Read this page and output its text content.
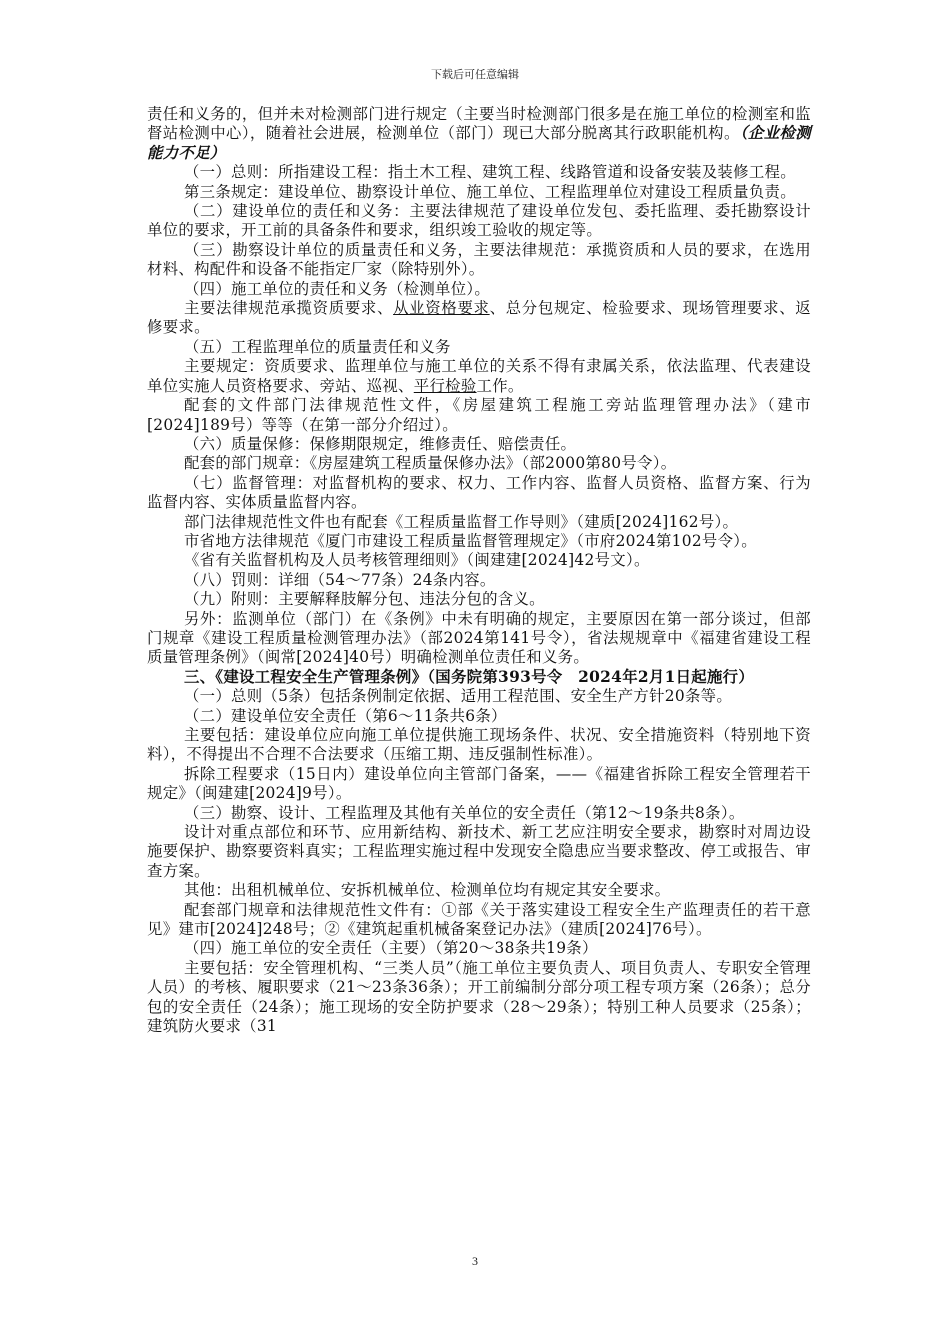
下载后可任意编辑

责任和义务的，但并未对检测部门进行规定（主要当时检测部门很多是在施工单位的检测室和监督站检测中心），随着社会进展，检测单位（部门）现已大部分脱离其行政职能机构。（企业检测能力不足）

（一）总则：所指建设工程：指土木工程、建筑工程、线路管道和设备安装及装修工程。

第三条规定：建设单位、勘察设计单位、施工单位、工程监理单位对建设工程质量负责。

（二）建设单位的责任和义务：主要法律规范了建设单位发包、委托监理、委托勘察设计单位的要求，开工前的具备条件和要求，组织竣工验收的规定等。

（三）勘察设计单位的质量责任和义务，主要法律规范：承揽资质和人员的要求，在选用材料、构配件和设备不能指定厂家（除特别外）。

（四）施工单位的责任和义务（检测单位）。

主要法律规范承揽资质要求、从业资格要求、总分包规定、检验要求、现场管理要求、返修要求。

（五）工程监理单位的质量责任和义务

主要规定：资质要求、监理单位与施工单位的关系不得有隶属关系，依法监理、代表建设单位实施人员资格要求、旁站、巡视、平行检验工作。

配套的文件部门法律规范性文件，《房屋建筑工程施工旁站监理管理办法》（建市[2024]189号）等等（在第一部分介绍过）。

（六）质量保修：保修期限规定，维修责任、赔偿责任。

配套的部门规章：《房屋建筑工程质量保修办法》（部2000第80号令）。

（七）监督管理：对监督机构的要求、权力、工作内容、监督人员资格、监督方案、行为监督内容、实体质量监督内容。

部门法律规范性文件也有配套《工程质量监督工作导则》（建质[2024]162号）。

市省地方法律规范《厦门市建设工程质量监督管理规定》（市府2024第102号令）。

《省有关监督机构及人员考核管理细则》（闽建建[2024]42号文）。

（八）罚则：详细（54～77条）24条内容。

（九）附则：主要解释肢解分包、违法分包的含义。

另外：监测单位（部门）在《条例》中未有明确的规定，主要原因在第一部分谈过，但部门规章《建设工程质量检测管理办法》（部2024第141号令），省法规规章中《福建省建设工程质量管理条例》（闽常[2024]40号）明确检测单位责任和义务。

三、《建设工程安全生产管理条例》（国务院第393号令　2024年2月1日起施行）

（一）总则（5条）包括条例制定依据、适用工程范围、安全生产方针20条等。

（二）建设单位安全责任（第6～11条共6条）

主要包括：建设单位应向施工单位提供施工现场条件、状况、安全措施资料（特别地下资料），不得提出不合理不合法要求（压缩工期、违反强制性标准）。

拆除工程要求（15日内）建设单位向主管部门备案，——《福建省拆除工程安全管理若干规定》（闽建建[2024]9号）。

（三）勘察、设计、工程监理及其他有关单位的安全责任（第12～19条共8条）。

设计对重点部位和环节、应用新结构、新技术、新工艺应注明安全要求，勘察时对周边设施要保护、勘察要资料真实；工程监理实施过程中发现安全隐患应当要求整改、停工或报告、审查方案。

其他：出租机械单位、安拆机械单位、检测单位均有规定其安全要求。

配套部门规章和法律规范性文件有：①部《关于落实建设工程安全生产监理责任的若干意见》建市[2024]248号；②《建筑起重机械备案登记办法》（建质[2024]76号）。

（四）施工单位的安全责任（主要）（第20～38条共19条）

主要包括：安全管理机构、“三类人员”（施工单位主要负责人、项目负责人、专职安全管理人员）的考核、履职要求（21～23条36条）；开工前编制分部分项工程专项方案（26条）；总分包的安全责任（24条）；施工现场的安全防护要求（28～29条）；特别工种人员要求（25条）；建筑防火要求（31

3
